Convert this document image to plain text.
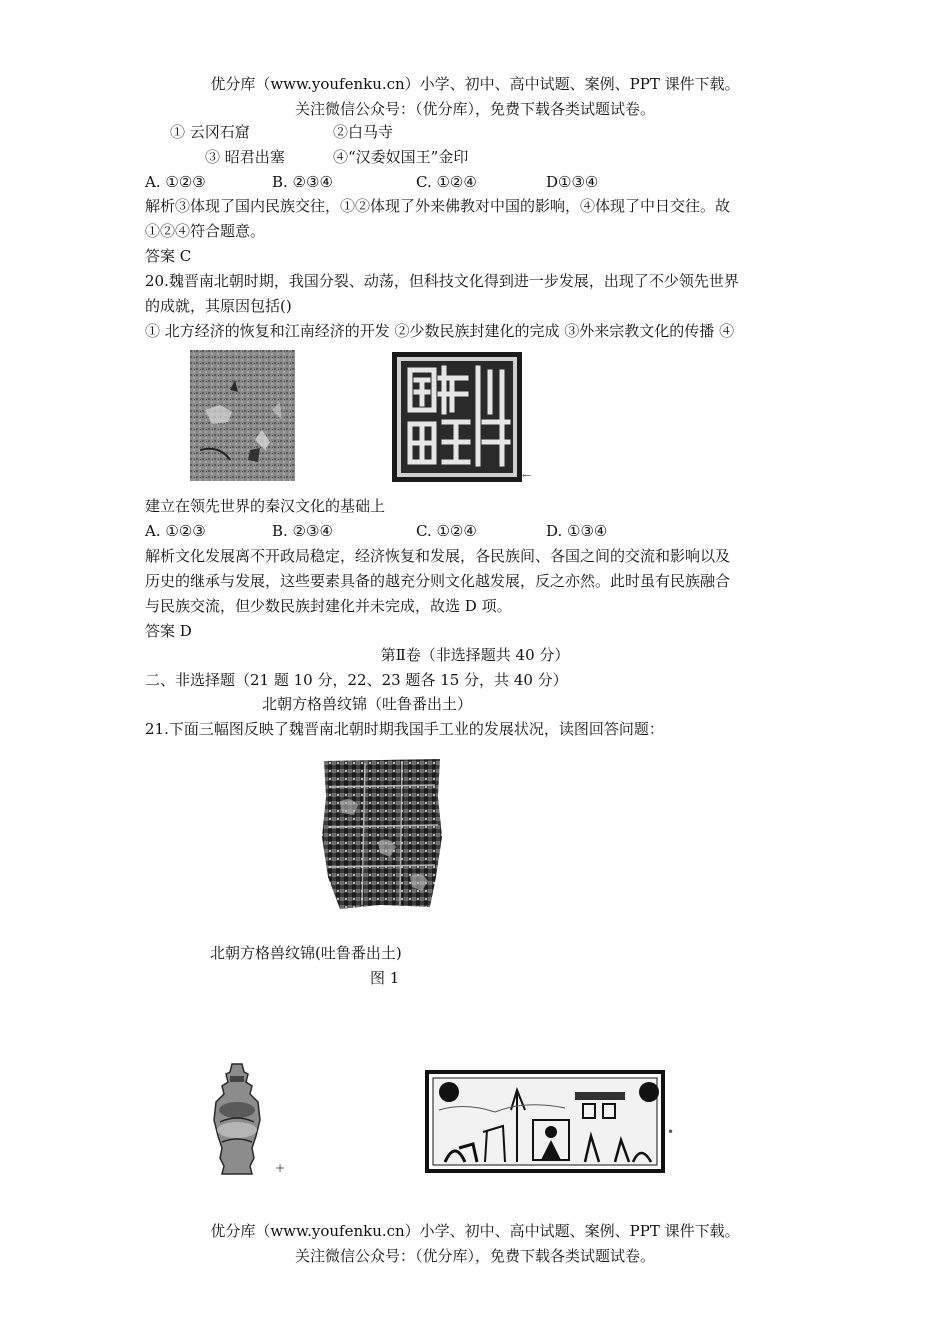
优分库（www.youfenku.cn）小学、初中、高中试题、案例、PPT 课件下载。
关注微信公众号：（优分库），免费下载各类试题试卷。
① 云冈石窟	②白马寺
③ 昭君出塞	④“汉委奴国王”金印
A. ①②③	B. ②③④	C. ①②④	D①③④
解析③体现了国内民族交往，①②体现了外来佛教对中国的影响，④体现了中日交往。故
①②④符合题意。
答案 C
20.魏晋南北朝时期，我国分裂、动荡，但科技文化得到进一步发展，出现了不少领先世界
的成就，其原因包括()
① 北方经济的恢复和江南经济的开发 ②少数民族封建化的完成 ③外来宗教文化的传播 ④
←
建立在领先世界的秦汉文化的基础上
A. ①②③	B. ②③④	C. ①②④	D. ①③④
解析文化发展离不开政局稳定，经济恢复和发展，各民族间、各国之间的交流和影响以及
历史的继承与发展，这些要素具备的越充分则文化越发展，反之亦然。此时虽有民族融合
与民族交流，但少数民族封建化并未完成，故选 D 项。
答案 D
第Ⅱ卷（非选择题共 40 分）
二、非选择题（21 题 10 分，22、23 题各 15 分，共 40 分）
北朝方格兽纹锦（吐鲁番出土）
21.下面三幅图反映了魏晋南北朝时期我国手工业的发展状况，读图回答问题：
北朝方格兽纹锦(吐鲁番出土)
图 1
+
•
优分库（www.youfenku.cn）小学、初中、高中试题、案例、PPT 课件下载。
关注微信公众号：（优分库），免费下载各类试题试卷。
